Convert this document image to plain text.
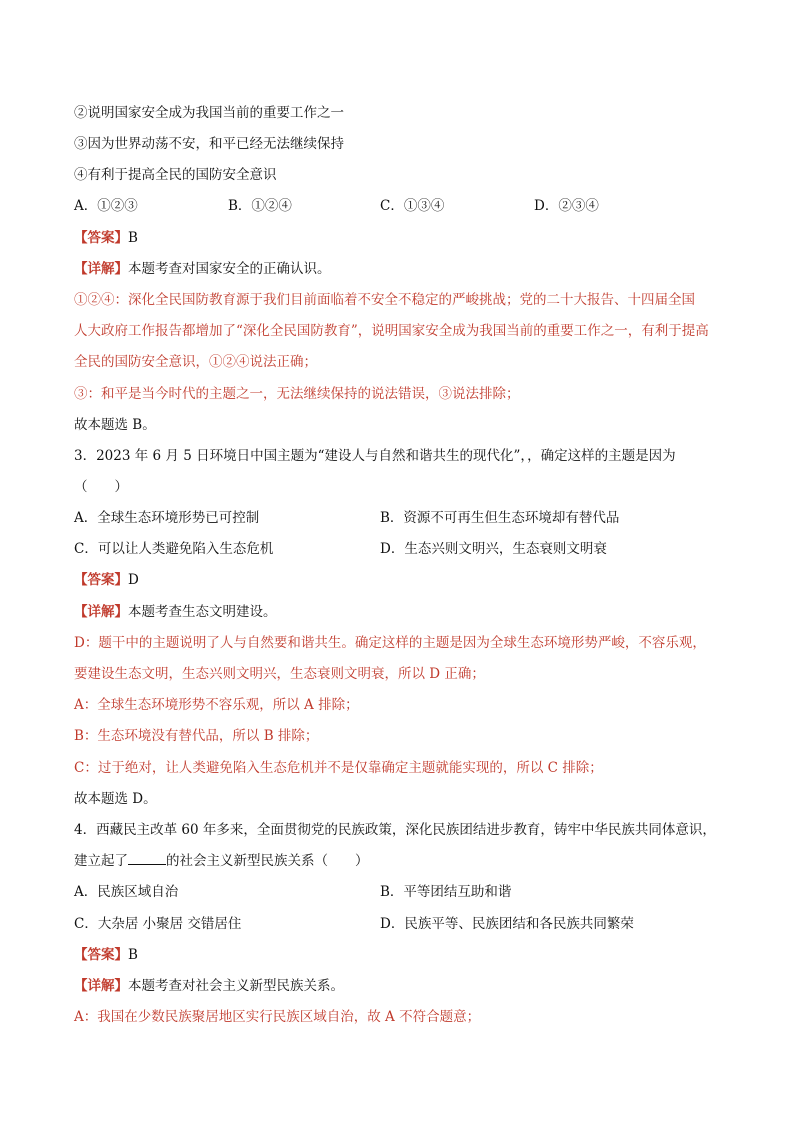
②说明国家安全成为我国当前的重要工作之一
③因为世界动荡不安，和平已经无法继续保持
④有利于提高全民的国防安全意识
A．①②③	B．①②④	C．①③④	D．②③④
【答案】B
【详解】本题考查对国家安全的正确认识。
①②④：深化全民国防教育源于我们目前面临着不安全不稳定的严峻挑战；党的二十大报告、十四届全国
人大政府工作报告都增加了“深化全民国防教育”，说明国家安全成为我国当前的重要工作之一，有利于提高
全民的国防安全意识，①②④说法正确；
③：和平是当今时代的主题之一，无法继续保持的说法错误，③说法排除；
故本题选 B。
3．2023 年 6 月 5 日环境日中国主题为“建设人与自然和谐共生的现代化”，，确定这样的主题是因为
（　　）
A．全球生态环境形势已可控制	B．资源不可再生但生态环境却有替代品
C．可以让人类避免陷入生态危机	D．生态兴则文明兴，生态衰则文明衰
【答案】D
【详解】本题考查生态文明建设。
D：题干中的主题说明了人与自然要和谐共生。确定这样的主题是因为全球生态环境形势严峻，不容乐观，
要建设生态文明，生态兴则文明兴，生态衰则文明衰，所以 D 正确；
A：全球生态环境形势不容乐观，所以 A 排除；
B：生态环境没有替代品，所以 B 排除；
C：过于绝对，让人类避免陷入生态危机并不是仅靠确定主题就能实现的，所以 C 排除；
故本题选 D。
4．西藏民主改革 60 年多来，全面贯彻党的民族政策，深化民族团结进步教育，铸牢中华民族共同体意识，
建立起了	的社会主义新型民族关系（　　）
A．民族区域自治	B．平等团结互助和谐
C．大杂居 小聚居 交错居住	D．民族平等、民族团结和各民族共同繁荣
【答案】B
【详解】本题考查对社会主义新型民族关系。
A：我国在少数民族聚居地区实行民族区域自治，故 A 不符合题意；
